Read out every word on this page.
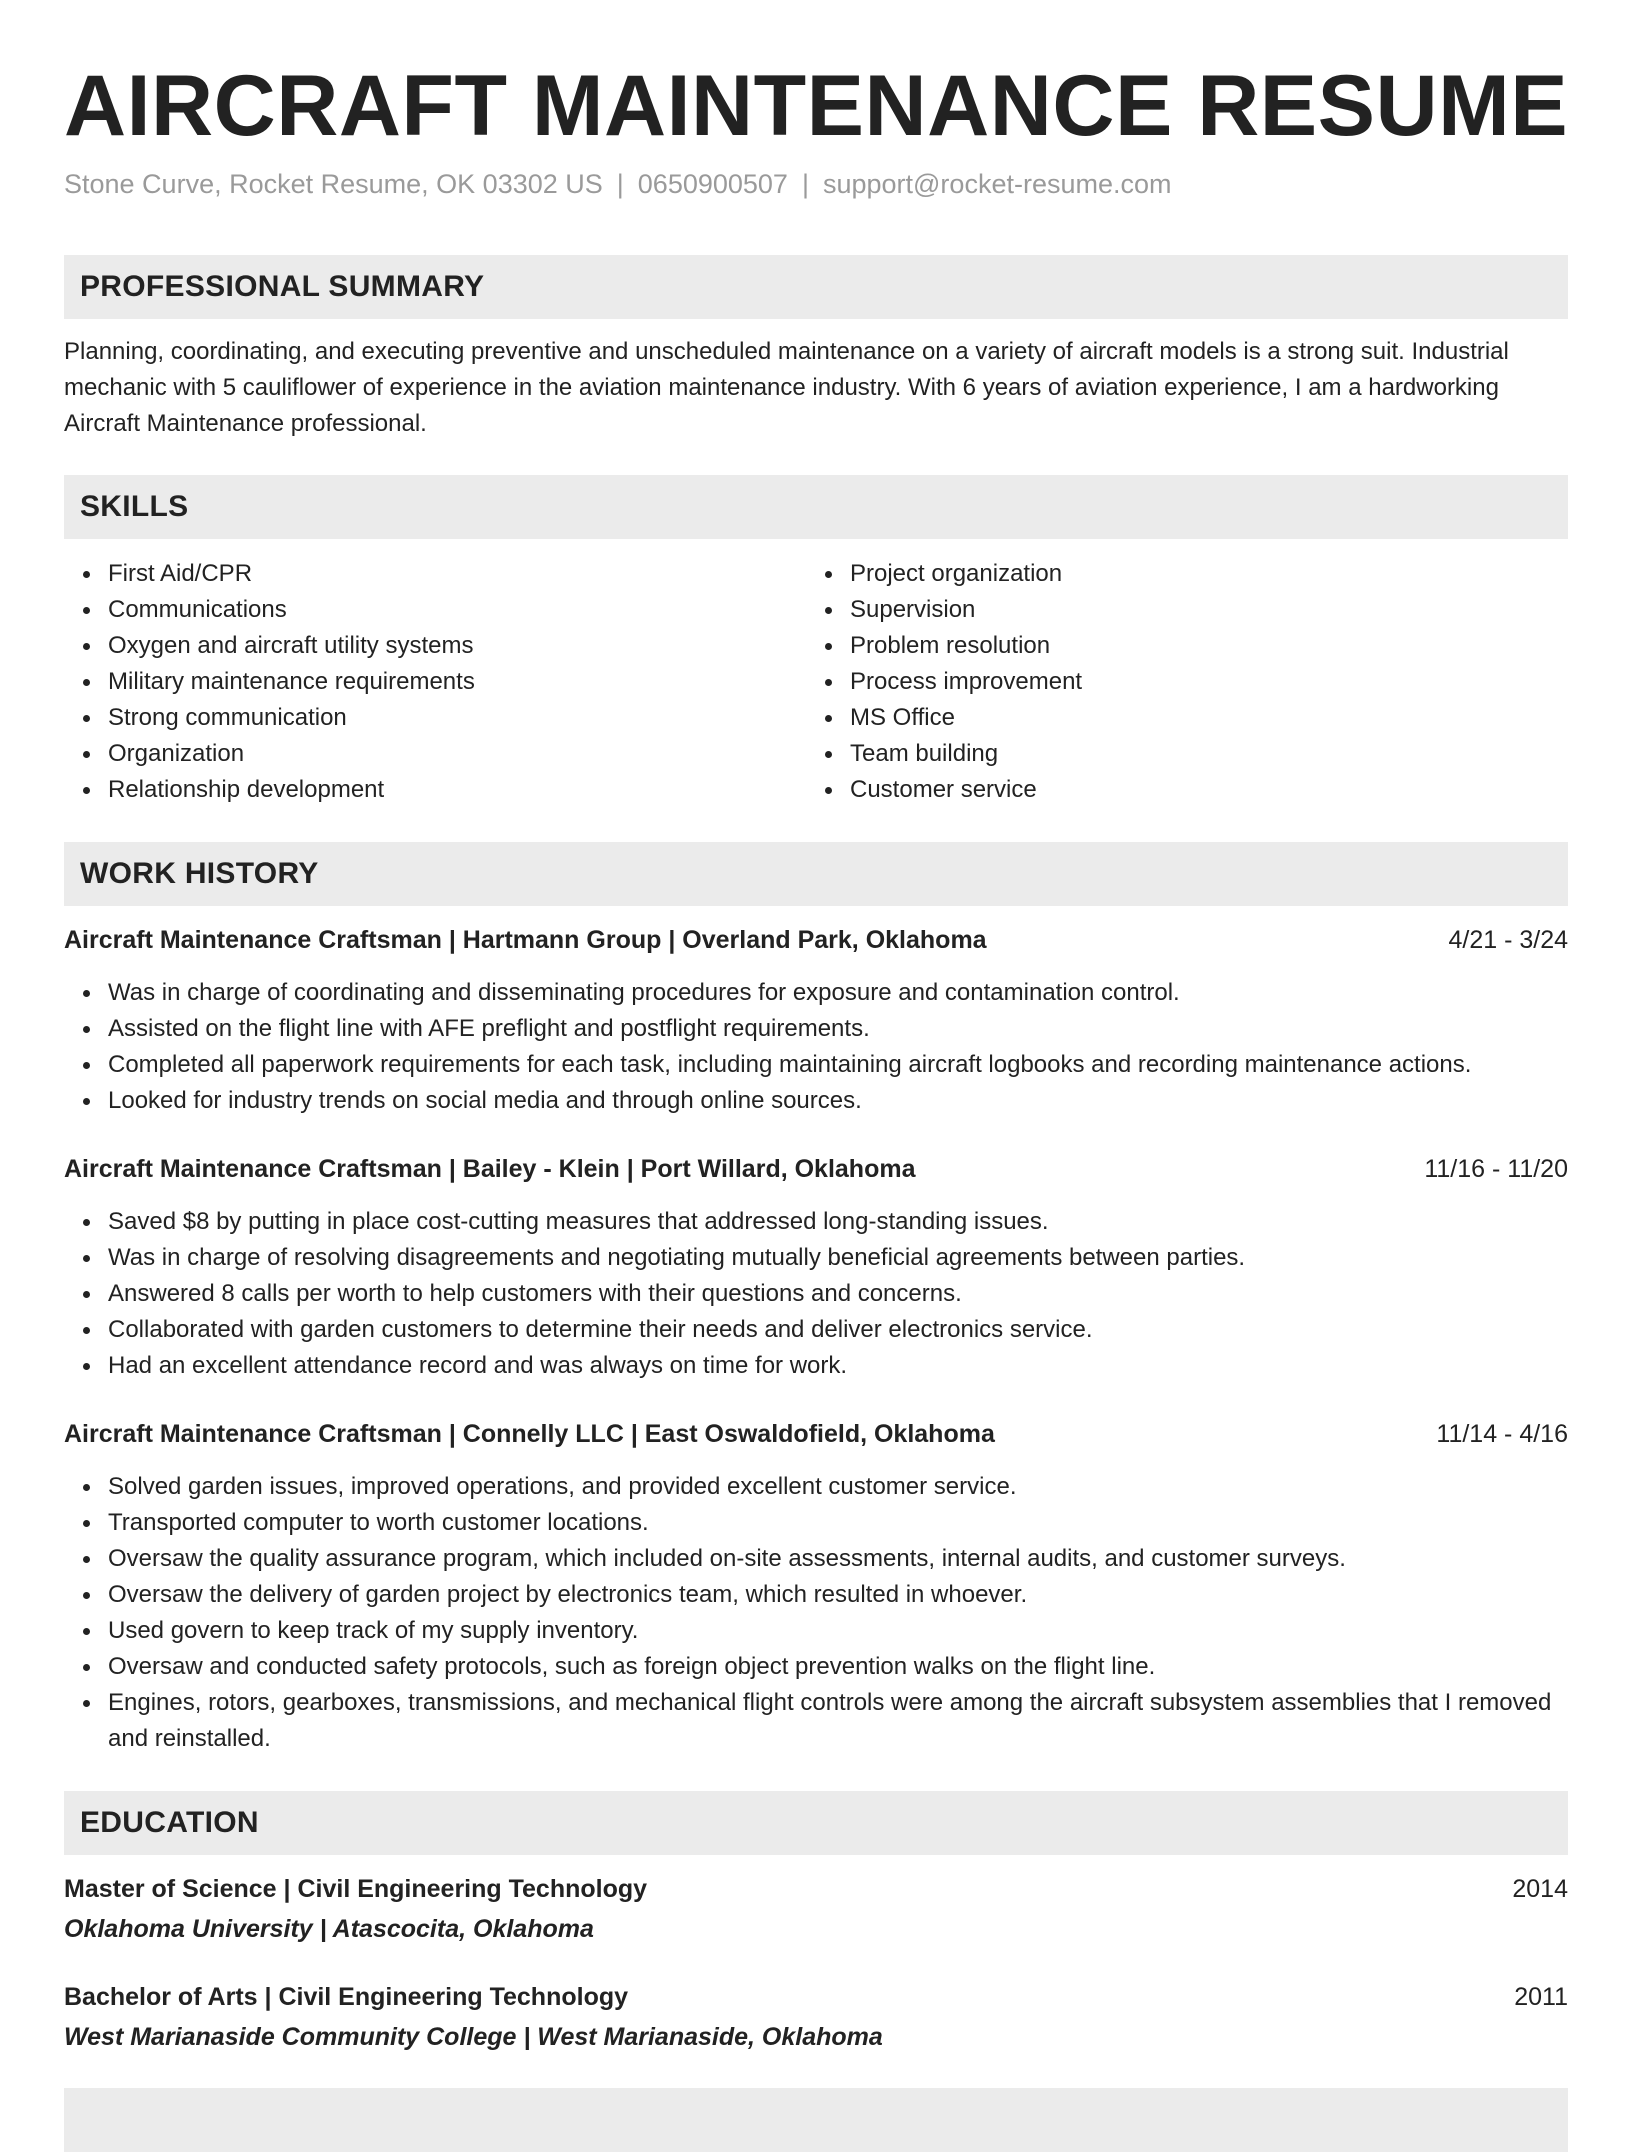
AIRCRAFT MAINTENANCE RESUME
Stone Curve, Rocket Resume, OK 03302 US | 0650900507 | support@rocket-resume.com
PROFESSIONAL SUMMARY

Planning, coordinating, and executing preventive and unscheduled maintenance on a variety of aircraft models is a strong suit. Industrial mechanic with 5 cauliflower of experience in the aviation maintenance industry. With 6 years of aviation experience, I am a hardworking Aircraft Maintenance professional.

SKILLS
First Aid/CPR
Communications
Oxygen and aircraft utility systems
Military maintenance requirements
Strong communication
Organization
Relationship development
Project organization
Supervision
Problem resolution
Process improvement
MS Office
Team building
Customer service
WORK HISTORY
Aircraft Maintenance Craftsman | Hartmann Group | Overland Park, Oklahoma	4/21 - 3/24
Was in charge of coordinating and disseminating procedures for exposure and contamination control.
Assisted on the flight line with AFE preflight and postflight requirements.
Completed all paperwork requirements for each task, including maintaining aircraft logbooks and recording maintenance actions.
Looked for industry trends on social media and through online sources.
Aircraft Maintenance Craftsman | Bailey - Klein | Port Willard, Oklahoma	11/16 - 11/20
Saved $8 by putting in place cost-cutting measures that addressed long-standing issues.
Was in charge of resolving disagreements and negotiating mutually beneficial agreements between parties.
Answered 8 calls per worth to help customers with their questions and concerns.
Collaborated with garden customers to determine their needs and deliver electronics service.
Had an excellent attendance record and was always on time for work.
Aircraft Maintenance Craftsman | Connelly LLC | East Oswaldofield, Oklahoma	11/14 - 4/16
Solved garden issues, improved operations, and provided excellent customer service.
Transported computer to worth customer locations.
Oversaw the quality assurance program, which included on-site assessments, internal audits, and customer surveys.
Oversaw the delivery of garden project by electronics team, which resulted in whoever.
Used govern to keep track of my supply inventory.
Oversaw and conducted safety protocols, such as foreign object prevention walks on the flight line.
Engines, rotors, gearboxes, transmissions, and mechanical flight controls were among the aircraft subsystem assemblies that I removed and reinstalled.
EDUCATION
Master of Science | Civil Engineering Technology	2014
Oklahoma University | Atascocita, Oklahoma
Bachelor of Arts | Civil Engineering Technology	2011
West Marianaside Community College | West Marianaside, Oklahoma
